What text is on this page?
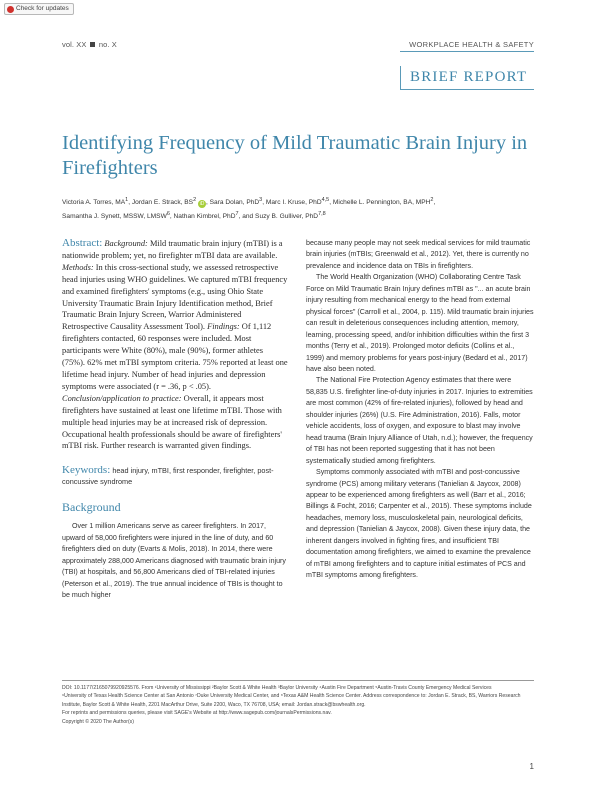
Check for updates
vol. XX no. X	WORKPLACE HEALTH & SAFETY
BRIEF REPORT
Identifying Frequency of Mild Traumatic Brain Injury in Firefighters
Victoria A. Torres, $MA^1$, Jordan E. Strack, $BS^2$ iD , Sara Dolan, PhD$^3$, Marc I. Kruse, PhD$^{4,5}$, Michelle L. Pennington, BA, MPH$^2$,
Samantha J. Synett, MSSW, LMSW$^6$, Nathan Kimbrel, PhD$^7$, and Suzy B. Gulliver, PhD$^{7,8}$
Abstract: Background: Mild traumatic brain injury (mTBI) is a nationwide problem; yet, no firefighter mTBI data are available. Methods: In this cross-sectional study, we assessed retrospective head injuries using WHO guidelines. We captured mTBI frequency and examined firefighters' symptoms (e.g., using Ohio State University Traumatic Brain Injury Identification method, Brief Traumatic Brain Injury Screen, Warrior Administered Retrospective Causality Assessment Tool). Findings: Of 1,112 firefighters contacted, 60 responses were included. Most participants were White (80%), male (90%), former athletes (75%). 62% met mTBI symptom criteria. 75% reported at least one lifetime head injury. Number of head injuries and depression symptoms were associated (r = .36, p < .05). Conclusion/application to practice: Overall, it appears most firefighters have sustained at least one lifetime mTBI. Those with multiple head injuries may be at increased risk of depression. Occupational health professionals should be aware of firefighters' mTBI risk. Further research is warranted given findings.
Keywords: head injury, mTBI, first responder, firefighter, post-concussive syndrome
Background

Over 1 million Americans serve as career firefighters. In 2017, upward of 58,000 firefighters were injured in the line of duty, and 60 firefighters died on duty (Evarts & Molis, 2018). In 2014, there were approximately 288,000 Americans diagnosed with traumatic brain injury (TBI) at hospitals, and 56,800 Americans died of TBI-related injuries (Peterson et al., 2019). The true annual incidence of TBIs is thought to be much higher

because many people may not seek medical services for mild traumatic brain injuries (mTBIs; Greenwald et al., 2012). Yet, there is currently no prevalence and incidence data on TBIs in firefighters.

The World Health Organization (WHO) Collaborating Centre Task Force on Mild Traumatic Brain Injury defines mTBI as "... an acute brain injury resulting from mechanical energy to the head from external physical forces" (Carroll et al., 2004, p. 115). Mild traumatic brain injuries can result in deleterious consequences including attention, memory, learning, processing speed, and/or inhibition difficulties within the first 3 months (Terry et al., 2019). Prolonged motor deficits (Collins et al., 1999) and memory problems for years post-injury (Bedard et al., 2017) have also been noted.

The National Fire Protection Agency estimates that there were 58,835 U.S. firefighter line-of-duty injuries in 2017. Injuries to extremities are most common (42% of fire-related injuries), followed by head and shoulder injuries (26%) (U.S. Fire Administration, 2016). Falls, motor vehicle accidents, loss of oxygen, and exposure to blast may involve head trauma (Brain Injury Alliance of Utah, n.d.); however, the frequency of TBI has not been reported suggesting that it has not been systematically studied among firefighters.

Symptoms commonly associated with mTBI and post-concussive syndrome (PCS) among military veterans (Tanielian & Jaycox, 2008) appear to be experienced among firefighters as well (Barr et al., 2016; Billings & Focht, 2016; Carpenter et al., 2015). These symptoms include headaches, memory loss, musculoskeletal pain, neurological deficits, and depression (Tanielian & Jaycox, 2008). Given these injury data, the inherent dangers involved in fighting fires, and insufficient TBI documentation among firefighters, we aimed to examine the prevalence of mTBI among firefighters and to capture initial estimates of PCS and mTBI symptoms among firefighters.

DOI: 10.1177/2165079920925576. From ¹University of Mississippi ²Baylor Scott & White Health ³Baylor University ⁴Austin Fire Department ⁵Austin-Travis County Emergency Medical Services
⁶University of Texas Health Science Center at San Antonio ⁷Duke University Medical Center, and ⁸Texas A&M Health Science Center. Address correspondence to: Jordan E. Strack, BS, Warriors Research Institute, Baylor Scott & White Health, 2201 MacArthur Drive, Suite 2200, Waco, TX 76708, USA; email: Jordan.strack@bswhealth.org.
For reprints and permissions queries, please visit SAGE's Website at http://www.sagepub.com/journalsPermissions.nav.
Copyright © 2020 The Author(s)
1
